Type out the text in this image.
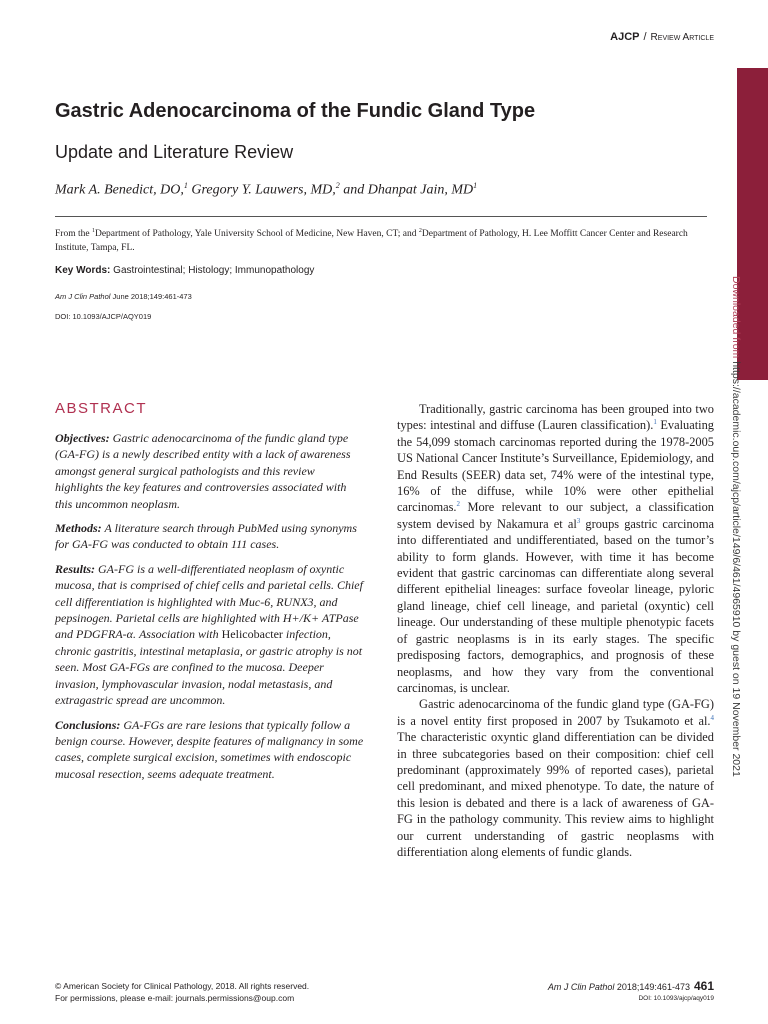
AJCP / Review Article
Downloaded from https://academic.oup.com/ajcp/article/149/6/461/4965910 by guest on 19 November 2021
Gastric Adenocarcinoma of the Fundic Gland Type
Update and Literature Review
Mark A. Benedict, DO,$^1$ Gregory Y. Lauwers, MD,$^2$ and Dhanpat Jain, $MD^1$
From the $^1$Department of Pathology, Yale University School of Medicine, New Haven, CT; and $^2$Department of Pathology, H. Lee Moffitt Cancer Center and Research Institute, Tampa, FL.
Key Words: Gastrointestinal; Histology; Immunopathology
Am J Clin Pathol June 2018;149:461-473
DOI: 10.1093/AJCP/AQY019
ABSTRACT

Objectives: Gastric adenocarcinoma of the fundic gland type (GA-FG) is a newly described entity with a lack of awareness amongst general surgical pathologists and this review highlights the key features and controversies associated with this uncommon neoplasm.

Methods: A literature search through PubMed using synonyms for GA-FG was conducted to obtain 111 cases.

Results: GA-FG is a well-differentiated neoplasm of oxyntic mucosa, that is comprised of chief cells and parietal cells. Chief cell differentiation is highlighted with Muc-6, RUNX3, and pepsinogen. Parietal cells are highlighted with H+/K+ ATPase and PDGFRA-α. Association with Helicobacter infection, chronic gastritis, intestinal metaplasia, or gastric atrophy is not seen. Most GA-FGs are confined to the mucosa. Deeper invasion, lymphovascular invasion, nodal metastasis, and extragastric spread are uncommon.

Conclusions: GA-FGs are rare lesions that typically follow a benign course. However, despite features of malignancy in some cases, complete surgical excision, sometimes with endoscopic mucosal resection, seems adequate treatment.

Traditionally, gastric carcinoma has been grouped into two types: intestinal and diffuse (Lauren classification).$^1$ Evaluating the 54,099 stomach carcinomas reported during the 1978-2005 US National Cancer Institute’s Surveillance, Epidemiology, and End Results (SEER) data set, 74% were of the intestinal type, 16% of the diffuse, while 10% were other epithelial carcinomas.$^2$ More relevant to our subject, a classification system devised by Nakamura et $al^3$ groups gastric carcinoma into differentiated and undifferentiated, based on the tumor’s ability to form glands. However, with time it has become evident that gastric carcinomas can differentiate along several different epithelial lineages: surface foveolar lineage, pyloric gland lineage, chief cell lineage, and parietal (oxyntic) cell lineage. Our understanding of these multiple phenotypic facets of gastric neoplasms is in its early stages. The specific predisposing factors, demographics, and prognosis of these neoplasms, and how they vary from the conventional carcinomas, is unclear.

Gastric adenocarcinoma of the fundic gland type (GA-FG) is a novel entity first proposed in 2007 by Tsukamoto et al.$^4$ The characteristic oxyntic gland differentiation can be divided in three subcategories based on their composition: chief cell predominant (approximately 99% of reported cases), parietal cell predominant, and mixed phenotype. To date, the nature of this lesion is debated and there is a lack of awareness of GA-FG in the pathology community. This review aims to highlight our current understanding of gastric neoplasms with differentiation along elements of fundic glands.

© American Society for Clinical Pathology, 2018. All rights reserved.
For permissions, please e-mail: journals.permissions@oup.com
Am J Clin Pathol 2018;149:461-473 461
DOI: 10.1093/ajcp/aqy019
